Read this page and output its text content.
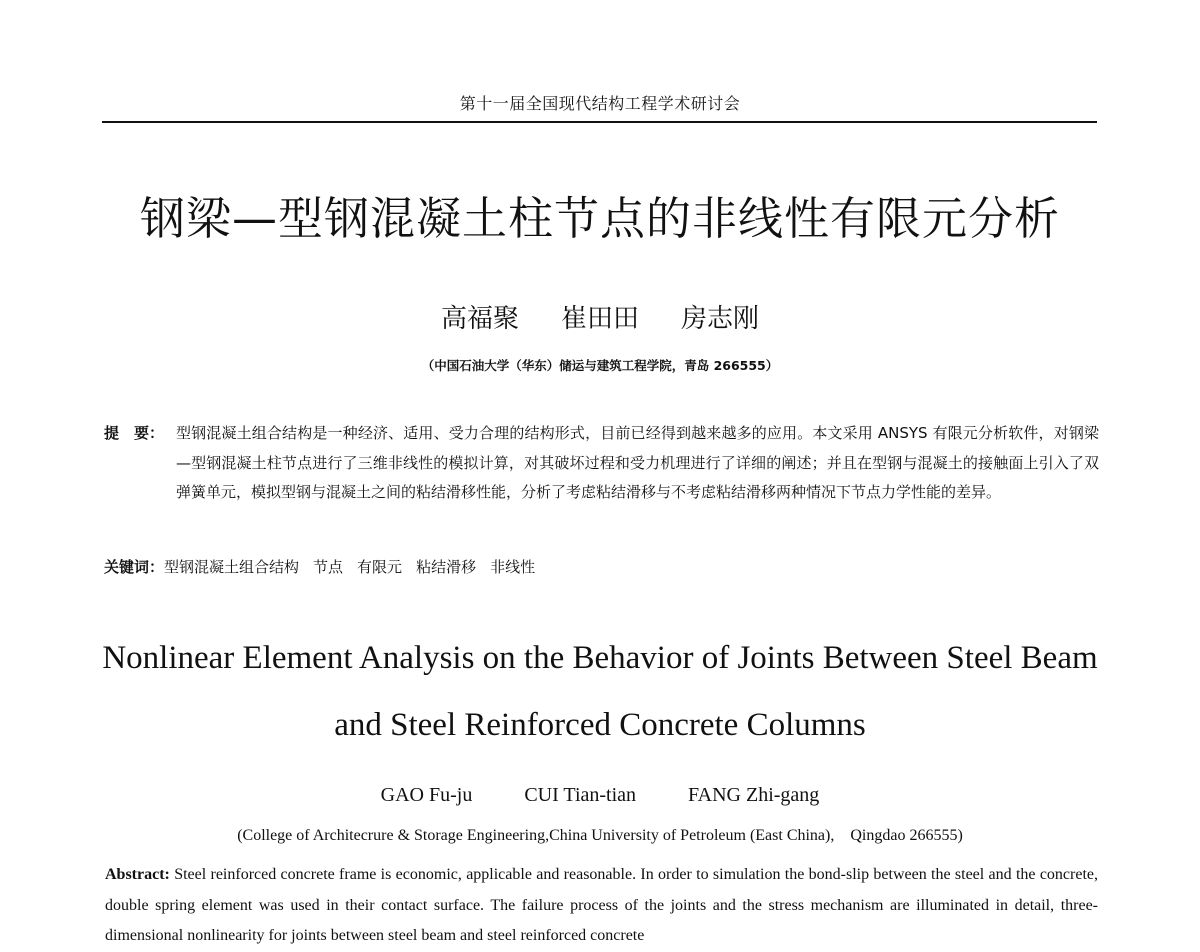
第十一届全国现代结构工程学术研讨会
钢梁—型钢混凝土柱节点的非线性有限元分析
高福聚 崔田田 房志刚
（中国石油大学（华东）储运与建筑工程学院，青岛 266555）
提　要： 型钢混凝土组合结构是一种经济、适用、受力合理的结构形式，目前已经得到越来越多的应用。本文采用 ANSYS 有限元分析软件，对钢梁—型钢混凝土柱节点进行了三维非线性的模拟计算，对其破坏过程和受力机理进行了详细的阐述；并且在型钢与混凝土的接触面上引入了双弹簧单元，模拟型钢与混凝土之间的粘结滑移性能，分析了考虑粘结滑移与不考虑粘结滑移两种情况下节点力学性能的差异。
关键词：型钢混凝土组合结构 节点 有限元 粘结滑移 非线性
Nonlinear Element Analysis on the Behavior of Joints Between Steel Beam
and Steel Reinforced Concrete Columns
GAO Fu-ju	CUI Tian-tian	FANG Zhi-gang
(College of Architecrure & Storage Engineering,China University of Petroleum (East China),　Qingdao 266555)
Abstract: Steel reinforced concrete frame is economic, applicable and reasonable. In order to simulation the bond-slip between the steel and the concrete, double spring element was used in their contact surface. The failure process of the joints and the stress mechanism are illuminated in detail, three-dimensional nonlinearity for joints between steel beam and steel reinforced concrete
